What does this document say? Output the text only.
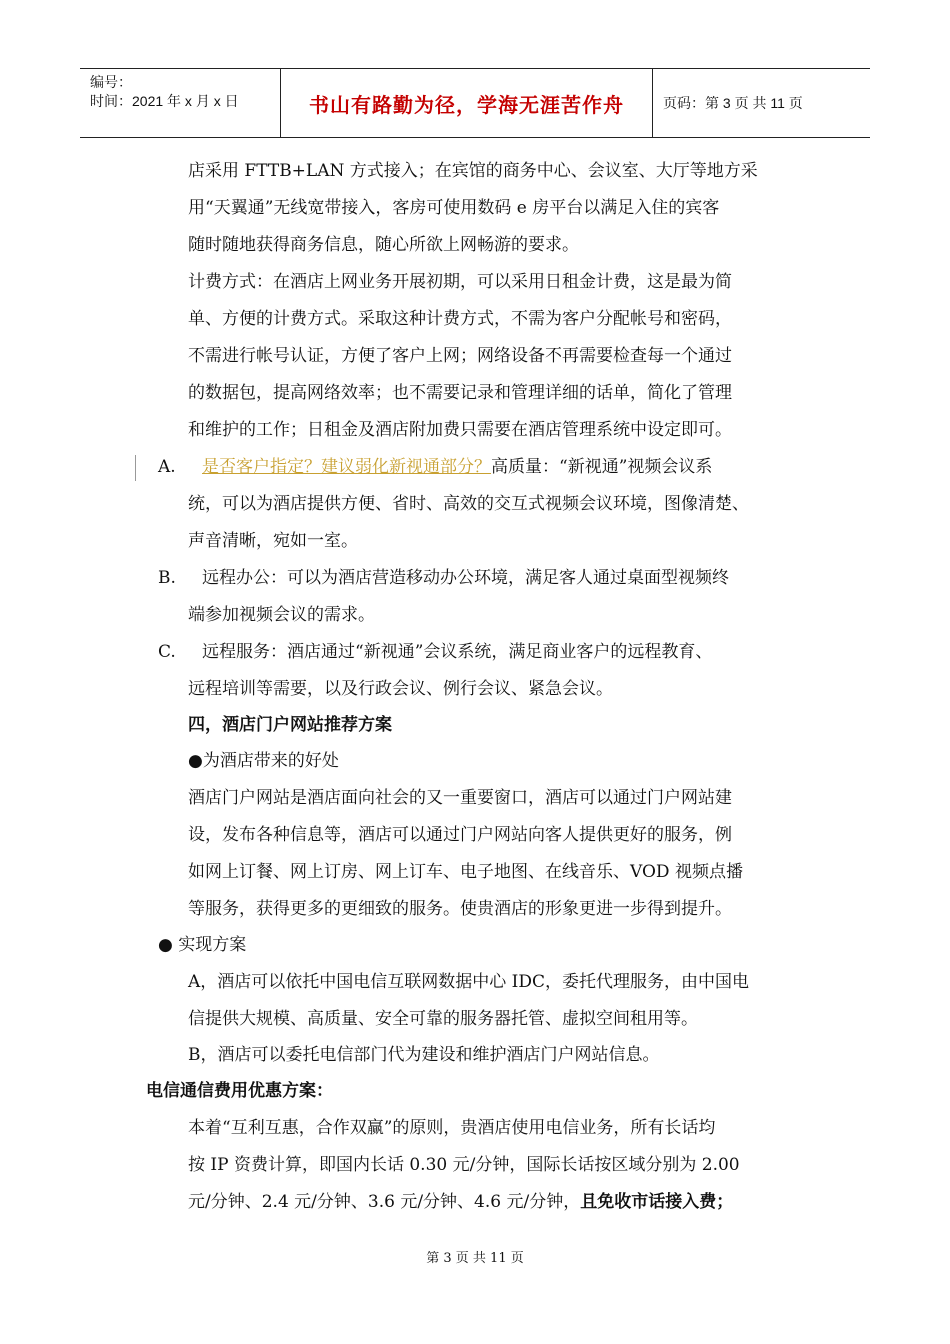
编号：
时间：2021 年 x 月 x 日	书山有路勤为径，学海无涯苦作舟	页码：第 3 页 共 11 页
店采用 FTTB+LAN 方式接入；在宾馆的商务中心、会议室、大厅等地方采
用“天翼通”无线宽带接入，客房可使用数码 e 房平台以满足入住的宾客
随时随地获得商务信息，随心所欲上网畅游的要求。
计费方式：在酒店上网业务开展初期，可以采用日租金计费，这是最为简
单、方便的计费方式。采取这种计费方式，不需为客户分配帐号和密码，
不需进行帐号认证，方便了客户上网；网络设备不再需要检查每一个通过
的数据包，提高网络效率；也不需要记录和管理详细的话单，简化了管理
和维护的工作；日租金及酒店附加费只需要在酒店管理系统中设定即可。
A. 是否客户指定？建议弱化新视通部分？高质量：“新视通”视频会议系
统，可以为酒店提供方便、省时、高效的交互式视频会议环境，图像清楚、
声音清晰，宛如一室。
B. 远程办公：可以为酒店营造移动办公环境，满足客人通过桌面型视频终
端参加视频会议的需求。
C. 远程服务：酒店通过“新视通”会议系统，满足商业客户的远程教育、
远程培训等需要，以及行政会议、例行会议、紧急会议。
四，酒店门户网站推荐方案
●为酒店带来的好处
酒店门户网站是酒店面向社会的又一重要窗口，酒店可以通过门户网站建
设，发布各种信息等，酒店可以通过门户网站向客人提供更好的服务，例
如网上订餐、网上订房、网上订车、电子地图、在线音乐、VOD 视频点播
等服务，获得更多的更细致的服务。使贵酒店的形象更进一步得到提升。
● 实现方案
A，酒店可以依托中国电信互联网数据中心 IDC，委托代理服务，由中国电
信提供大规模、高质量、安全可靠的服务器托管、虚拟空间租用等。
B，酒店可以委托电信部门代为建设和维护酒店门户网站信息。
电信通信费用优惠方案：
本着“互利互惠，合作双赢”的原则，贵酒店使用电信业务，所有长话均
按 IP 资费计算，即国内长话 0.30 元/分钟，国际长话按区域分别为 2.00
元/分钟、2.4 元/分钟、3.6 元/分钟、4.6 元/分钟，且免收市话接入费；
第 3 页 共 11 页
